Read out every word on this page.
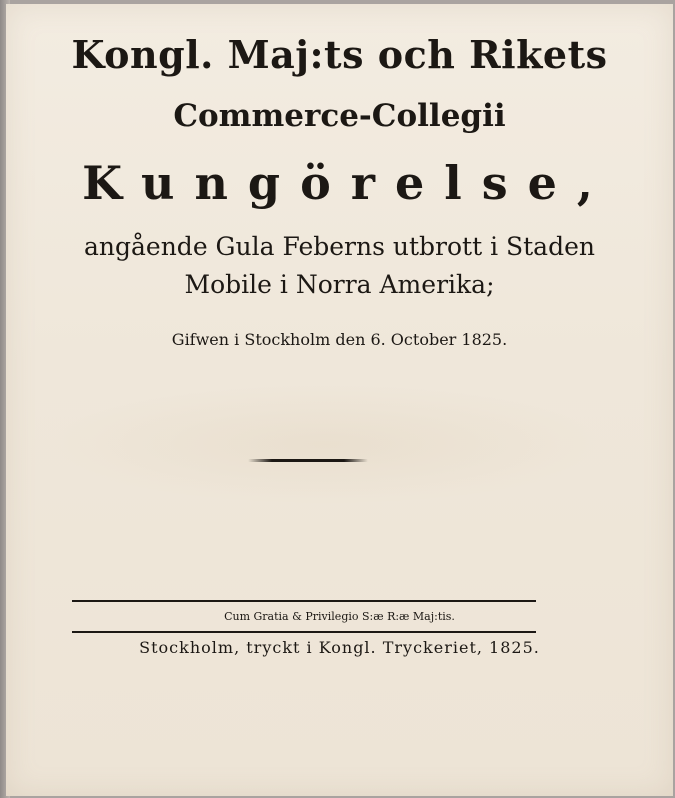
Kongl. Maj:ts och Rikets
Commerce-Collegii
Kungörelse,
angående Gula Feberns utbrott i Staden
Mobile i Norra Amerika;
Gifwen i Stockholm den 6. October 1825.
Cum Gratia & Privilegio S:æ R:æ Maj:tis.
Stockholm, tryckt i Kongl. Tryckeriet, 1825.
